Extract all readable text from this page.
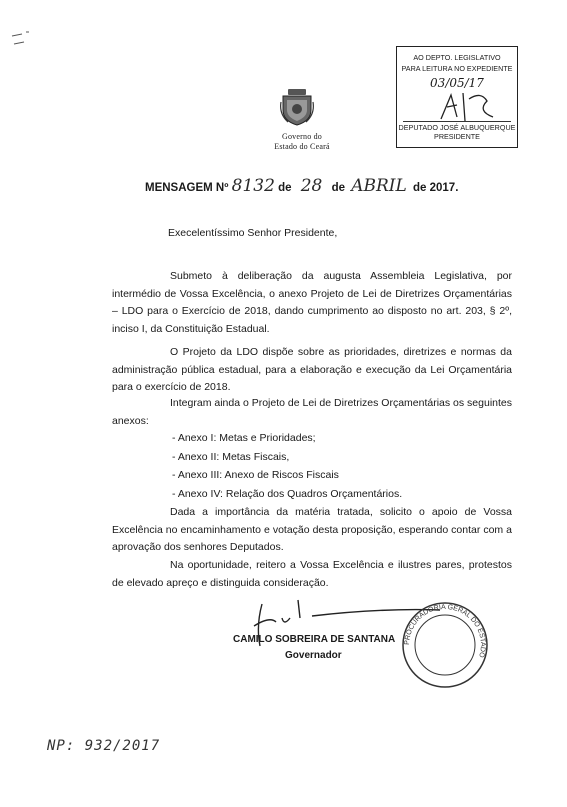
Governo do
Estado do Ceará
AO DEPTO. LEGISLATIVO
PARA LEITURA NO EXPEDIENTE
03/05/17
DEPUTADO JOSÉ ALBUQUERQUE
PRESIDENTE
MENSAGEM Nº 8132 de 28 de ABRIL de 2017.
Execelentíssimo Senhor Presidente,
Submeto à deliberação da augusta Assembleia Legislativa, por intermédio de Vossa Excelência, o anexo Projeto de Lei de Diretrizes Orçamentárias – LDO para o Exercício de 2018, dando cumprimento ao disposto no art. 203, § 2º, inciso I, da Constituição Estadual.
O Projeto da LDO dispõe sobre as prioridades, diretrizes e normas da administração pública estadual, para a elaboração e execução da Lei Orçamentária para o exercício de 2018.
Integram ainda o Projeto de Lei de Diretrizes Orçamentárias os seguintes anexos:
- Anexo I: Metas e Prioridades;
- Anexo II: Metas Fiscais,
- Anexo III: Anexo de Riscos Fiscais
- Anexo IV: Relação dos Quadros Orçamentários.
Dada a importância da matéria tratada, solicito o apoio de Vossa Excelência no encaminhamento e votação desta proposição, esperando contar com a aprovação dos senhores Deputados.
Na oportunidade, reitero a Vossa Excelência e ilustres pares, protestos de elevado apreço e distinguida consideração.
PROCURADORIA GERAL DO ESTADO
CAMILO SOBREIRA DE SANTANA
Governador
NP: 932/2017
